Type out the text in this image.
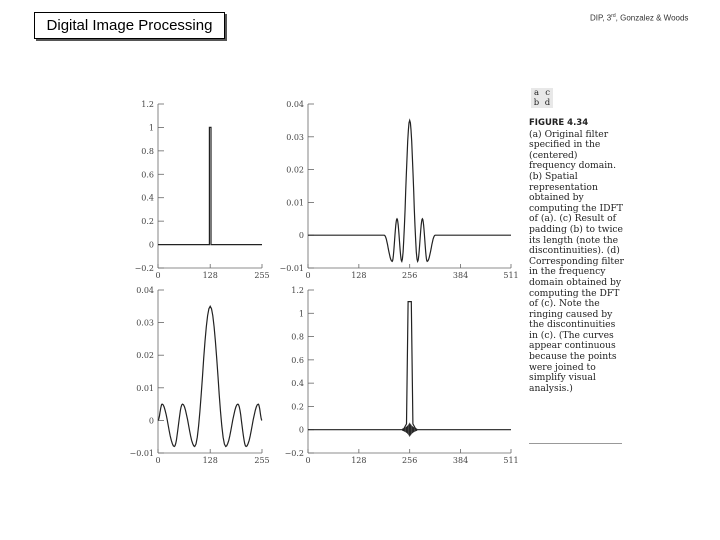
Digital Image Processing	DIP, 3rd, Gonzalez & Woods
1.2
1
0.8
0.6
0.4
0.2
0
−0.2
0	128	255
0.04
0.03
0.02
0.01
0
−0.01
0	128	256	384	511
0.04
0.03
0.02
0.01
0
−0.01
0	128	255
1.2
1
0.8
0.6
0.4
0.2
0
−0.2
0	128	256	384	511
a c
b d
FIGURE 4.34
(a) Original filter specified in the (centered) frequency domain. (b) Spatial representation obtained by computing the IDFT of (a). (c) Result of padding (b) to twice its length (note the discontinuities). (d) Corresponding filter in the frequency domain obtained by computing the DFT of (c). Note the ringing caused by the discontinuities in (c). (The curves appear continuous because the points were joined to simplify visual analysis.)
